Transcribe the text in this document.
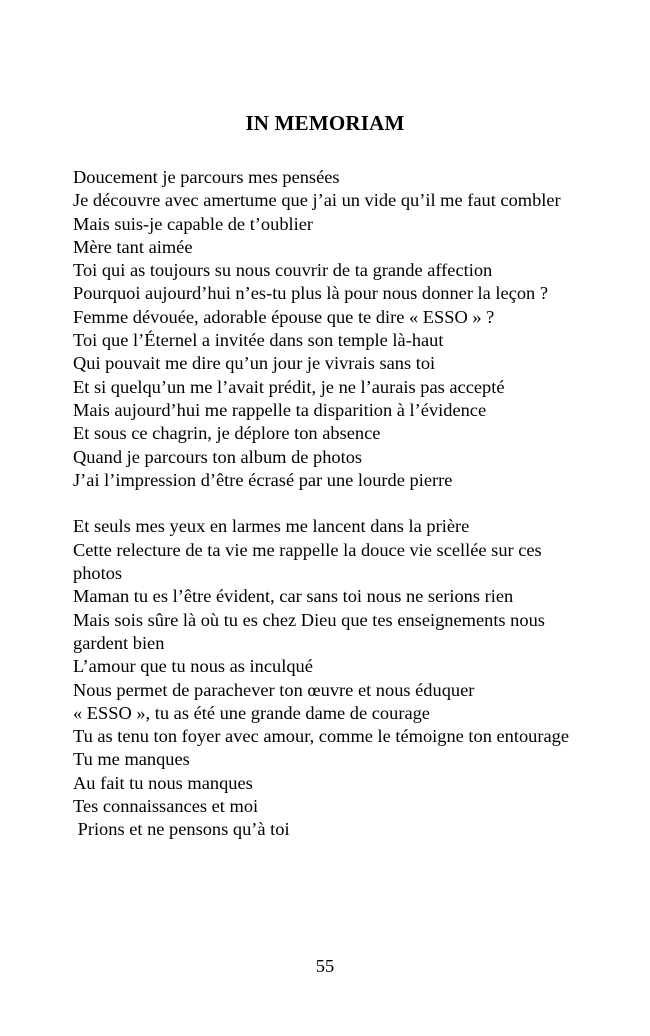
IN MEMORIAM
Doucement je parcours mes pensées
Je découvre avec amertume que j’ai un vide qu’il me faut combler
Mais suis-je capable de t’oublier
Mère tant aimée
Toi qui as toujours su nous couvrir de ta grande affection
Pourquoi aujourd’hui n’es-tu plus là pour nous donner la leçon ?
Femme dévouée, adorable épouse que te dire « ESSO » ?
Toi que l’Éternel a invitée dans son temple là-haut
Qui pouvait me dire qu’un jour je vivrais sans toi
Et si quelqu’un me l’avait prédit, je ne l’aurais pas accepté
Mais aujourd’hui me rappelle ta disparition à l’évidence
Et sous ce chagrin, je déplore ton absence
Quand je parcours ton album de photos
J’ai l’impression d’être écrasé par une lourde pierre
Et seuls mes yeux en larmes me lancent dans la prière
Cette relecture de ta vie me rappelle la douce vie scellée sur ces photos
Maman tu es l’être évident, car sans toi nous ne serions rien
Mais sois sûre là où tu es chez Dieu que tes enseignements nous gardent bien
L’amour que tu nous as inculqué
Nous permet de parachever ton œuvre et nous éduquer
« ESSO », tu as été une grande dame de courage
Tu as tenu ton foyer avec amour, comme le témoigne ton entourage
Tu me manques
Au fait tu nous manques
Tes connaissances et moi
Prions et ne pensons qu’à toi
55
